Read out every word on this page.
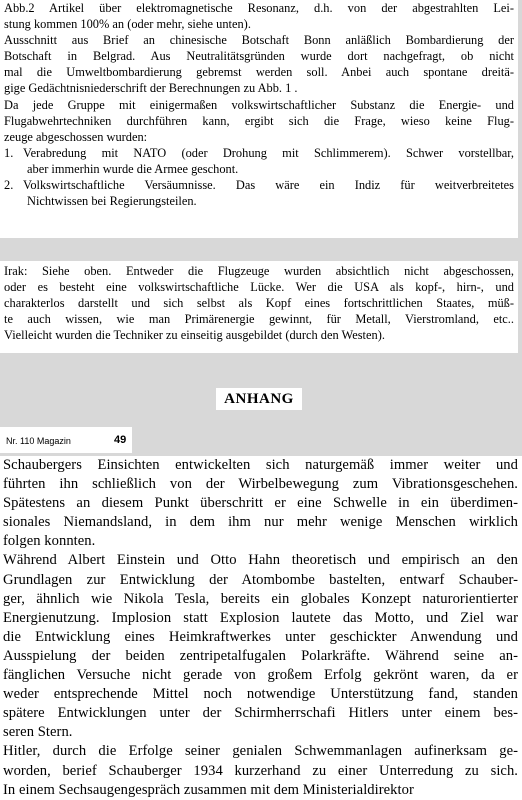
Abb.2 Artikel über elektromagnetische Resonanz, d.h. von der abgestrahlten Lei-
stung kommen 100% an (oder mehr, siehe unten).
Ausschnitt aus Brief an chinesische Botschaft Bonn anläßlich Bombardierung der
Botschaft in Belgrad. Aus Neutralitätsgründen wurde dort nachgefragt, ob nicht
mal die Umweltbombardierung gebremst werden soll. Anbei auch spontane dreitä-
gige Gedächtnisniederschrift der Berechnungen zu Abb. 1 .
Da jede Gruppe mit einigermaßen volkswirtschaftlicher Substanz die Energie- und
Flugabwehrtechniken durchführen kann, ergibt sich die Frage, wieso keine Flug-
zeuge abgeschossen wurden:
1. Verabredung mit NATO (oder Drohung mit Schlimmerem). Schwer vorstellbar,
aber immerhin wurde die Armee geschont.
2. Volkswirtschaftliche Versäumnisse. Das wäre ein Indiz für weitverbreitetes
Nichtwissen bei Regierungsteilen.
Irak: Siehe oben. Entweder die Flugzeuge wurden absichtlich nicht abgeschossen,
oder es besteht eine volkswirtschaftliche Lücke. Wer die USA als kopf-, hirn-, und
charakterlos darstellt und sich selbst als Kopf eines fortschrittlichen Staates, müß-
te auch wissen, wie man Primärenergie gewinnt, für Metall, Vierstromland, etc..
Vielleicht wurden die Techniker zu einseitig ausgebildet (durch den Westen).
ANHANG
Nr. 110 Magazin	49
Schaubergers Einsichten entwickelten sich naturgemäß immer weiter und
führten ihn schließlich von der Wirbelbewegung zum Vibrationsgeschehen.
Spätestens an diesem Punkt überschritt er eine Schwelle in ein überdimen-
sionales Niemandsland, in dem ihm nur mehr wenige Menschen wirklich
folgen konnten.
Während Albert Einstein und Otto Hahn theoretisch und empirisch an den
Grundlagen zur Entwicklung der Atombombe bastelten, entwarf Schauber-
ger, ähnlich wie Nikola Tesla, bereits ein globales Konzept naturorientierter
Energienutzung. Implosion statt Explosion lautete das Motto, und Ziel war
die Entwicklung eines Heimkraftwerkes unter geschickter Anwendung und
Ausspielung der beiden zentripetalfugalen Polarkräfte. Während seine an-
fänglichen Versuche nicht gerade von großem Erfolg gekrönt waren, da er
weder entsprechende Mittel noch notwendige Unterstützung fand, standen
spätere Entwicklungen unter der Schirmherrschafi Hitlers unter einem bes-
seren Stern.
Hitler, durch die Erfolge seiner genialen Schwemmanlagen aufinerksam ge-
worden, berief Schauberger 1934 kurzerhand zu einer Unterredung zu sich.
In einem Sechsaugengespräch zusammen mit dem Ministerialdirektor
